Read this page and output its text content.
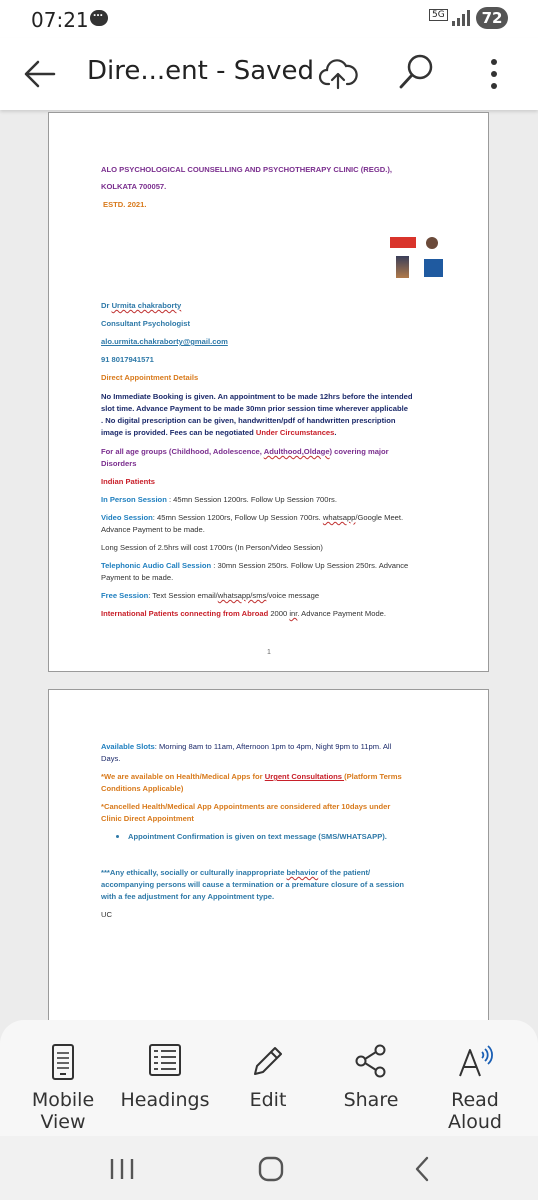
07:21
...	5G	72
Dire...ent - Saved
ALO PSYCHOLOGICAL COUNSELLING AND PSYCHOTHERAPY CLINIC (REGD.),
KOLKATA 700057.
ESTD. 2021.
Dr Urmita chakraborty
Consultant Psychologist
alo.urmita.chakraborty@gmail.com
91 8017941571
Direct Appointment Details
No Immediate Booking is given. An appointment to be made 12hrs before the intended
slot time. Advance Payment to be made 30mn prior session time wherever applicable
. No digital prescription can be given, handwritten/pdf of handwritten prescription
image is provided. Fees can be negotiated Under Circumstances.
For all age groups (Childhood, Adolescence, Adulthood,Oldage) covering major
Disorders
Indian Patients
In Person Session : 45mn Session 1200rs. Follow Up Session 700rs.
Video Session: 45mn Session 1200rs, Follow Up Session 700rs. whatsapp/Google Meet.
Advance Payment to be made.
Long Session of 2.5hrs will cost 1700rs (In Person/Video Session)
Telephonic Audio Call Session : 30mn Session 250rs. Follow Up Session 250rs. Advance
Payment to be made.
Free Session: Text Session email/whatsapp/sms/voice message
International Patients connecting from Abroad 2000 inr. Advance Payment Mode.
1
Available Slots: Morning 8am to 11am, Afternoon 1pm to 4pm, Night 9pm to 11pm. All
Days.
*We are available on Health/Medical Apps for Urgent Consultations (Platform Terms
Conditions Applicable)
*Cancelled Health/Medical App Appointments are considered after 10days under
Clinic Direct Appointment
Appointment Confirmation is given on text message (SMS/WHATSAPP).
***Any ethically, socially or culturally inappropriate behavior of the patient/
accompanying persons will cause a termination or a premature closure of a session
with a fee adjustment for any Appointment type.
UC
Mobile
View
Headings	Edit	Share	Read
Aloud
